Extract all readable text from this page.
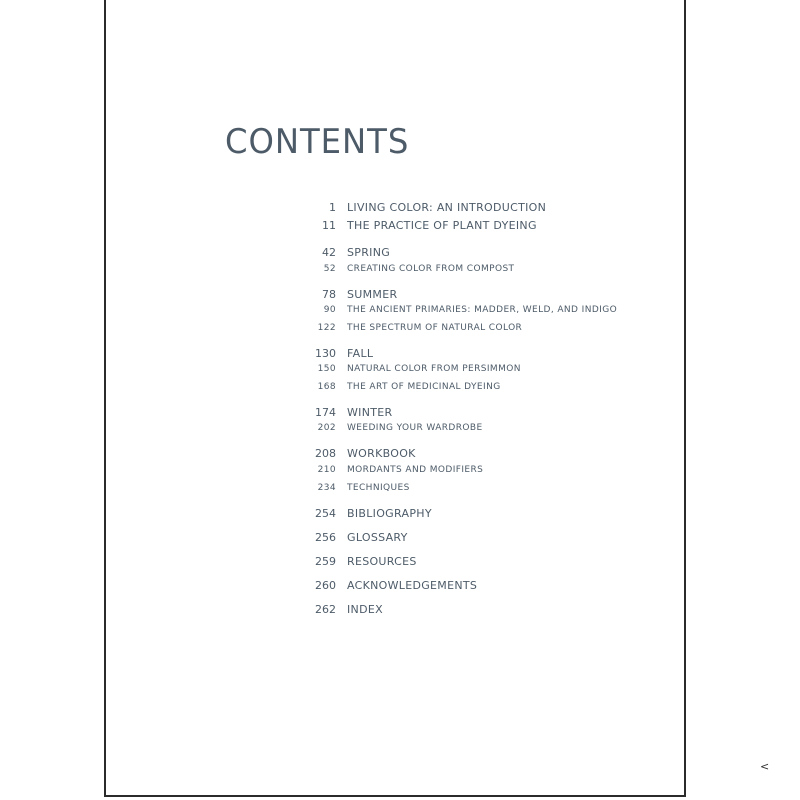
CONTENTS
1 LIVING COLOR: AN INTRODUCTION
11 THE PRACTICE OF PLANT DYEING
42 SPRING
52 CREATING COLOR FROM COMPOST
78 SUMMER
90 THE ANCIENT PRIMARIES: MADDER, WELD, AND INDIGO
122 THE SPECTRUM OF NATURAL COLOR
130 FALL
150 NATURAL COLOR FROM PERSIMMON
168 THE ART OF MEDICINAL DYEING
174 WINTER
202 WEEDING YOUR WARDROBE
208 WORKBOOK
210 MORDANTS AND MODIFIERS
234 TECHNIQUES
254 BIBLIOGRAPHY
256 GLOSSARY
259 RESOURCES
260 ACKNOWLEDGEMENTS
262 INDEX
<
